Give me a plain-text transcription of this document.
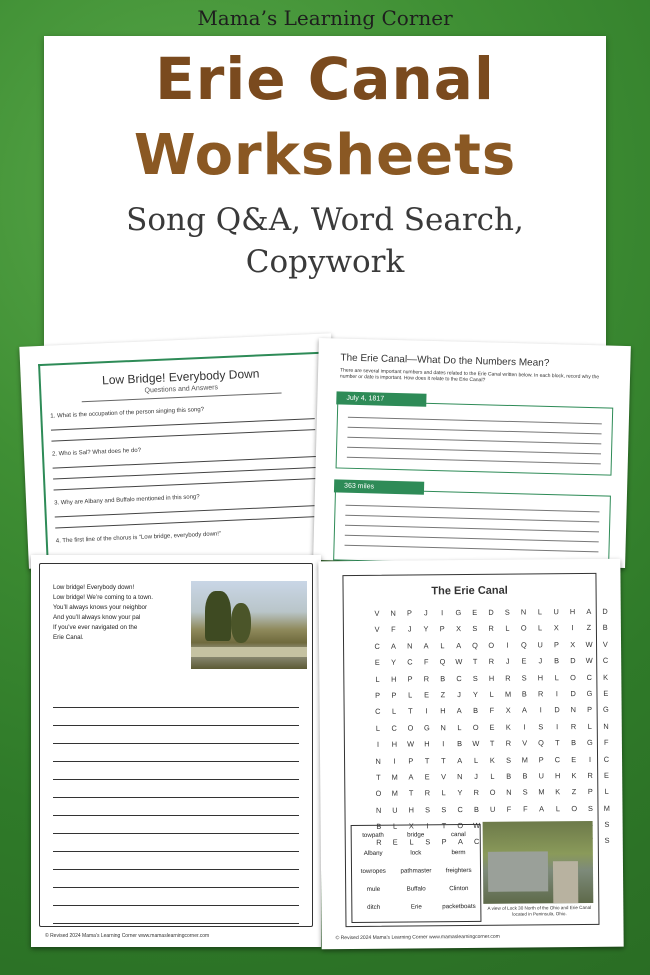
Mama’s Learning Corner
Erie Canal
Worksheets
Song Q&A, Word Search,
Copywork
Low Bridge! Everybody Down
Questions and Answers
1. What is the occupation of the person singing this song?
2. Who is Sal? What does he do?
3. Why are Albany and Buffalo mentioned in this song?
4. The first line of the chorus is “Low bridge, everybody down!”
The Erie Canal—What Do the Numbers Mean?
There are several important numbers and dates related to the Erie Canal written below. In each block, record why the number or date is important. How does it relate to the Erie Canal?
July 4, 1817
363 miles
Low bridge! Everybody down!
Low bridge! We’re coming to a town.
You’ll always knows your neighbor
And you’ll always know your pal
If you’ve ever navigated on the
Erie Canal.
© Revised 2024 Mama’s Learning Corner www.mamaslearningcorner.com
The Erie Canal
V N P J I G E D S N L U H A D
V F J Y P X S R L O L X I Z B
C A N A L A Q O I Q U P X W V
E Y C F Q W T R J E J B D W C
L H P R B C S H R S H L O C K
P P L E Z J Y L M B R I D G E
C L T I H A B F X A I D N P G
L C O G N L O E K I S I R L N
I H W H I B W T R V Q T B G F
N I P T T A L K S M P C E I C
T M A E V N J L B B U H K R E
O M T R L Y R O N S M K Z P L
N U H S S C B U F F A L O S M
B L X I T O W	S
R E L S P A C	S
towpath	bridge	canal
Albany	lock	berm
towropes	pathmaster	freighters
mule	Buffalo	Clinton
ditch	Erie	packetboats	A view of Lock 30 North of the Ohio and Erie Canal located in Peninsula, Ohio.
© Revised 2024 Mama’s Learning Corner www.mamaslearningcorner.com
